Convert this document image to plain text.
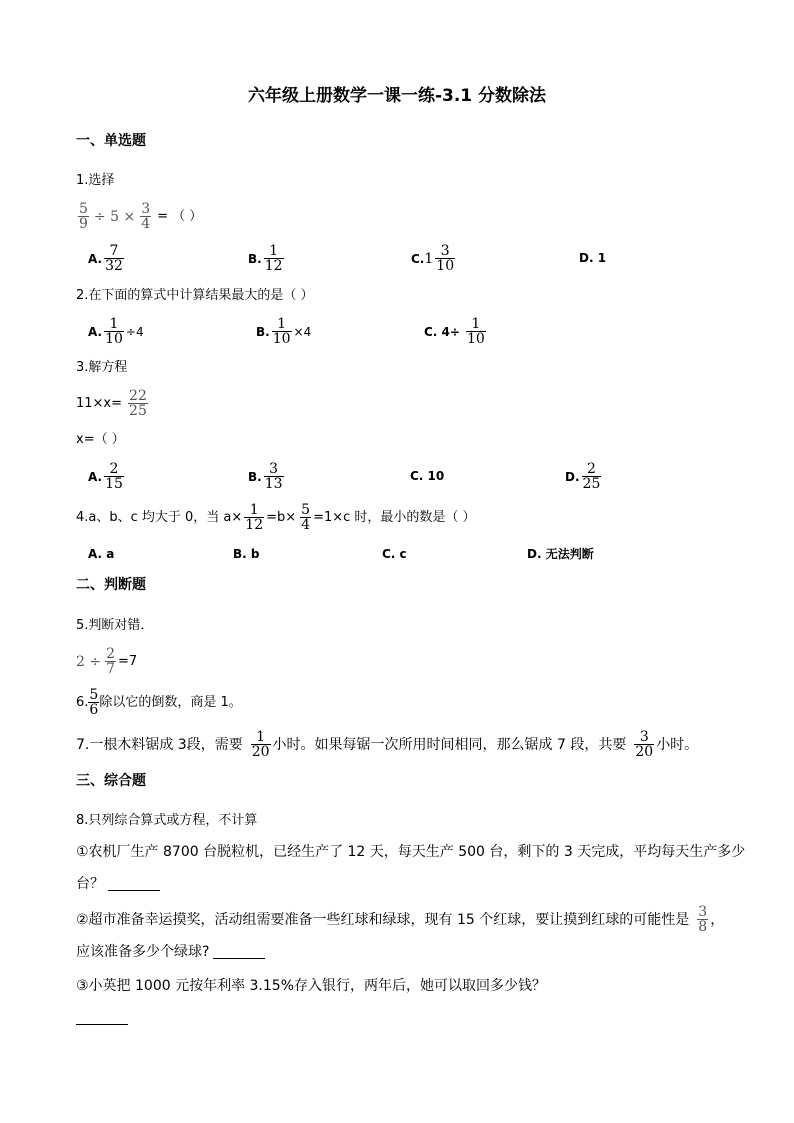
六年级上册数学一课一练-3.1 分数除法
一、单选题
1.选择
$\frac{5}{9} \div 5 \times \frac{3}{4}$ = （ ）
A. $\frac{7}{32}$	B. $\frac{1}{12}$	C. $1 \frac{3}{10}$	D. 1
2.在下面的算式中计算结果最大的是（ ）
A. $\frac{1}{10} \div 4$	B. $\frac{1}{10} \times 4$	C. $4\div \frac{1}{10}$
3.解方程
$11\times x= \frac{22}{25}$
x=（ ）
A. $\frac{2}{15}$	B. $\frac{3}{13}$	C. 10	D. $\frac{2}{25}$
4.a、b、c 均大于 0，当 $a\times \frac{1}{12} =b\times \frac{5}{4} =1\times c$ 时，最小的数是（ ）
A. a	B. b	C. c	D. 无法判断
二、判断题
5.判断对错．
$2 \div \frac{2}{7} =7$
6. $\frac{5}{6}$ 除以它的倒数，商是 1。
7.一根木料锯成 3段，需要 $\frac{1}{20}$ 小时。如果每锯一次所用时间相同，那么锯成 7 段，共要 $\frac{3}{20}$ 小时。
三、综合题
8.只列综合算式或方程，不计算
①农机厂生产 8700 台脱粒机，已经生产了 12 天，每天生产 500 台，剩下的 3 天完成，平均每天生产多少
台？
②超市准备幸运摸奖，活动组需要准备一些红球和绿球，现有 15 个红球，要让摸到红球的可能性是 $\frac{3}{8}$ ，
应该准备多少个绿球?
③小英把 1000 元按年利率 3.15%存入银行，两年后，她可以取回多少钱？
